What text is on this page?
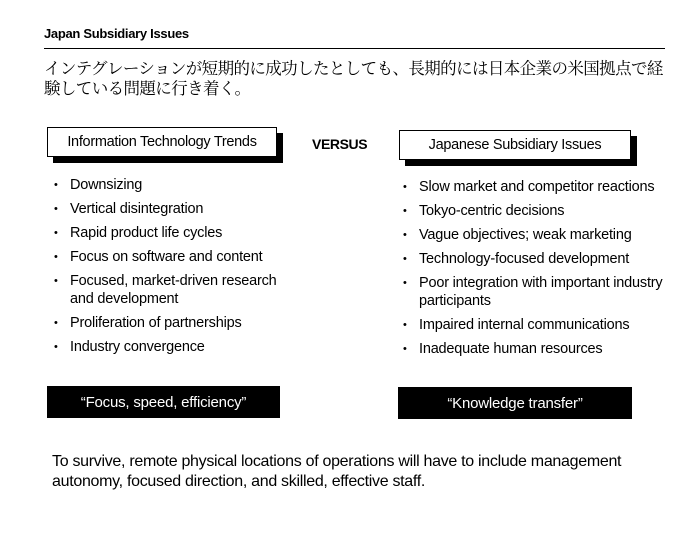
Japan Subsidiary Issues
インテグレーションが短期的に成功したとしても、長期的には日本企業の米国拠点で経験している問題に行き着く。
Information Technology Trends	VERSUS	Japanese Subsidiary Issues
• Downsizing
• Vertical disintegration
• Rapid product life cycles
• Focus on software and content
• Focused, market-driven research and development
• Proliferation of partnerships
• Industry convergence
• Slow market and competitor reactions
• Tokyo-centric decisions
• Vague objectives; weak marketing
• Technology-focused development
• Poor integration with important industry participants
• Impaired internal communications
• Inadequate human resources
“Focus, speed, efficiency”	“Knowledge transfer”
To survive, remote physical locations of operations will have to include management autonomy, focused direction, and skilled, effective staff.
